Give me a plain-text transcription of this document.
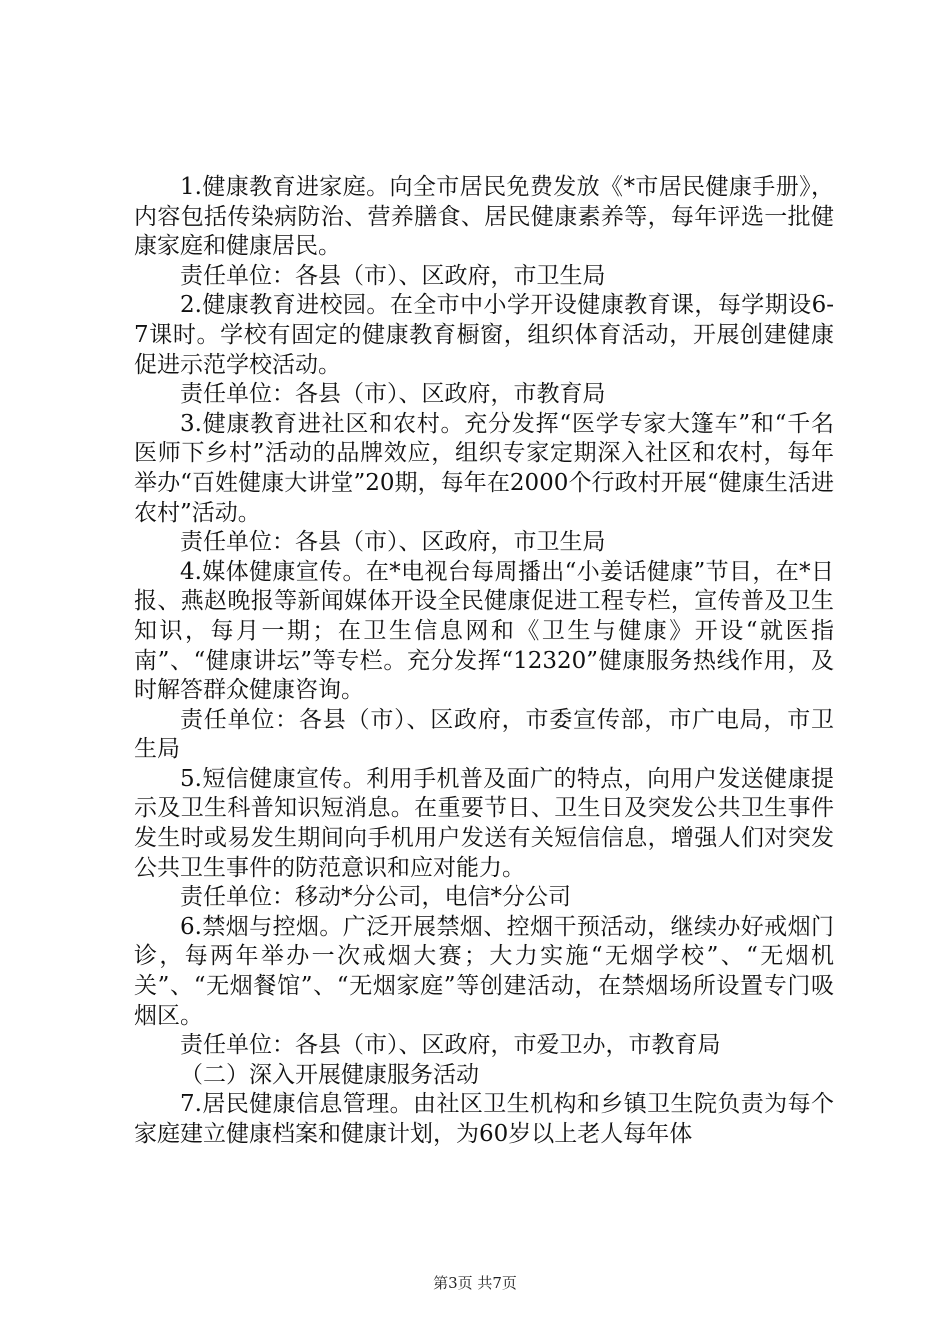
1.健康教育进家庭。向全市居民免费发放《*市居民健康手册》，内容包括传染病防治、营养膳食、居民健康素养等，每年评选一批健康家庭和健康居民。

责任单位：各县（市）、区政府，市卫生局

2.健康教育进校园。在全市中小学开设健康教育课，每学期设6-7课时。学校有固定的健康教育橱窗，组织体育活动，开展创建健康促进示范学校活动。

责任单位：各县（市）、区政府，市教育局

3.健康教育进社区和农村。充分发挥“医学专家大篷车”和“千名医师下乡村”活动的品牌效应，组织专家定期深入社区和农村，每年举办“百姓健康大讲堂”20期，每年在2000个行政村开展“健康生活进农村”活动。

责任单位：各县（市）、区政府，市卫生局

4.媒体健康宣传。在*电视台每周播出“小姜话健康”节目，在*日报、燕赵晚报等新闻媒体开设全民健康促进工程专栏，宣传普及卫生知识，每月一期；在卫生信息网和《卫生与健康》开设“就医指南”、“健康讲坛”等专栏。充分发挥“12320”健康服务热线作用，及时解答群众健康咨询。

责任单位：各县（市）、区政府，市委宣传部，市广电局，市卫生局

5.短信健康宣传。利用手机普及面广的特点，向用户发送健康提示及卫生科普知识短消息。在重要节日、卫生日及突发公共卫生事件发生时或易发生期间向手机用户发送有关短信信息，增强人们对突发公共卫生事件的防范意识和应对能力。

责任单位：移动*分公司，电信*分公司

6.禁烟与控烟。广泛开展禁烟、控烟干预活动，继续办好戒烟门诊，每两年举办一次戒烟大赛；大力实施“无烟学校”、“无烟机关”、“无烟餐馆”、“无烟家庭”等创建活动，在禁烟场所设置专门吸烟区。

责任单位：各县（市）、区政府，市爱卫办，市教育局

（二）深入开展健康服务活动

7.居民健康信息管理。由社区卫生机构和乡镇卫生院负责为每个家庭建立健康档案和健康计划，为60岁以上老人每年体

第3页 共7页
